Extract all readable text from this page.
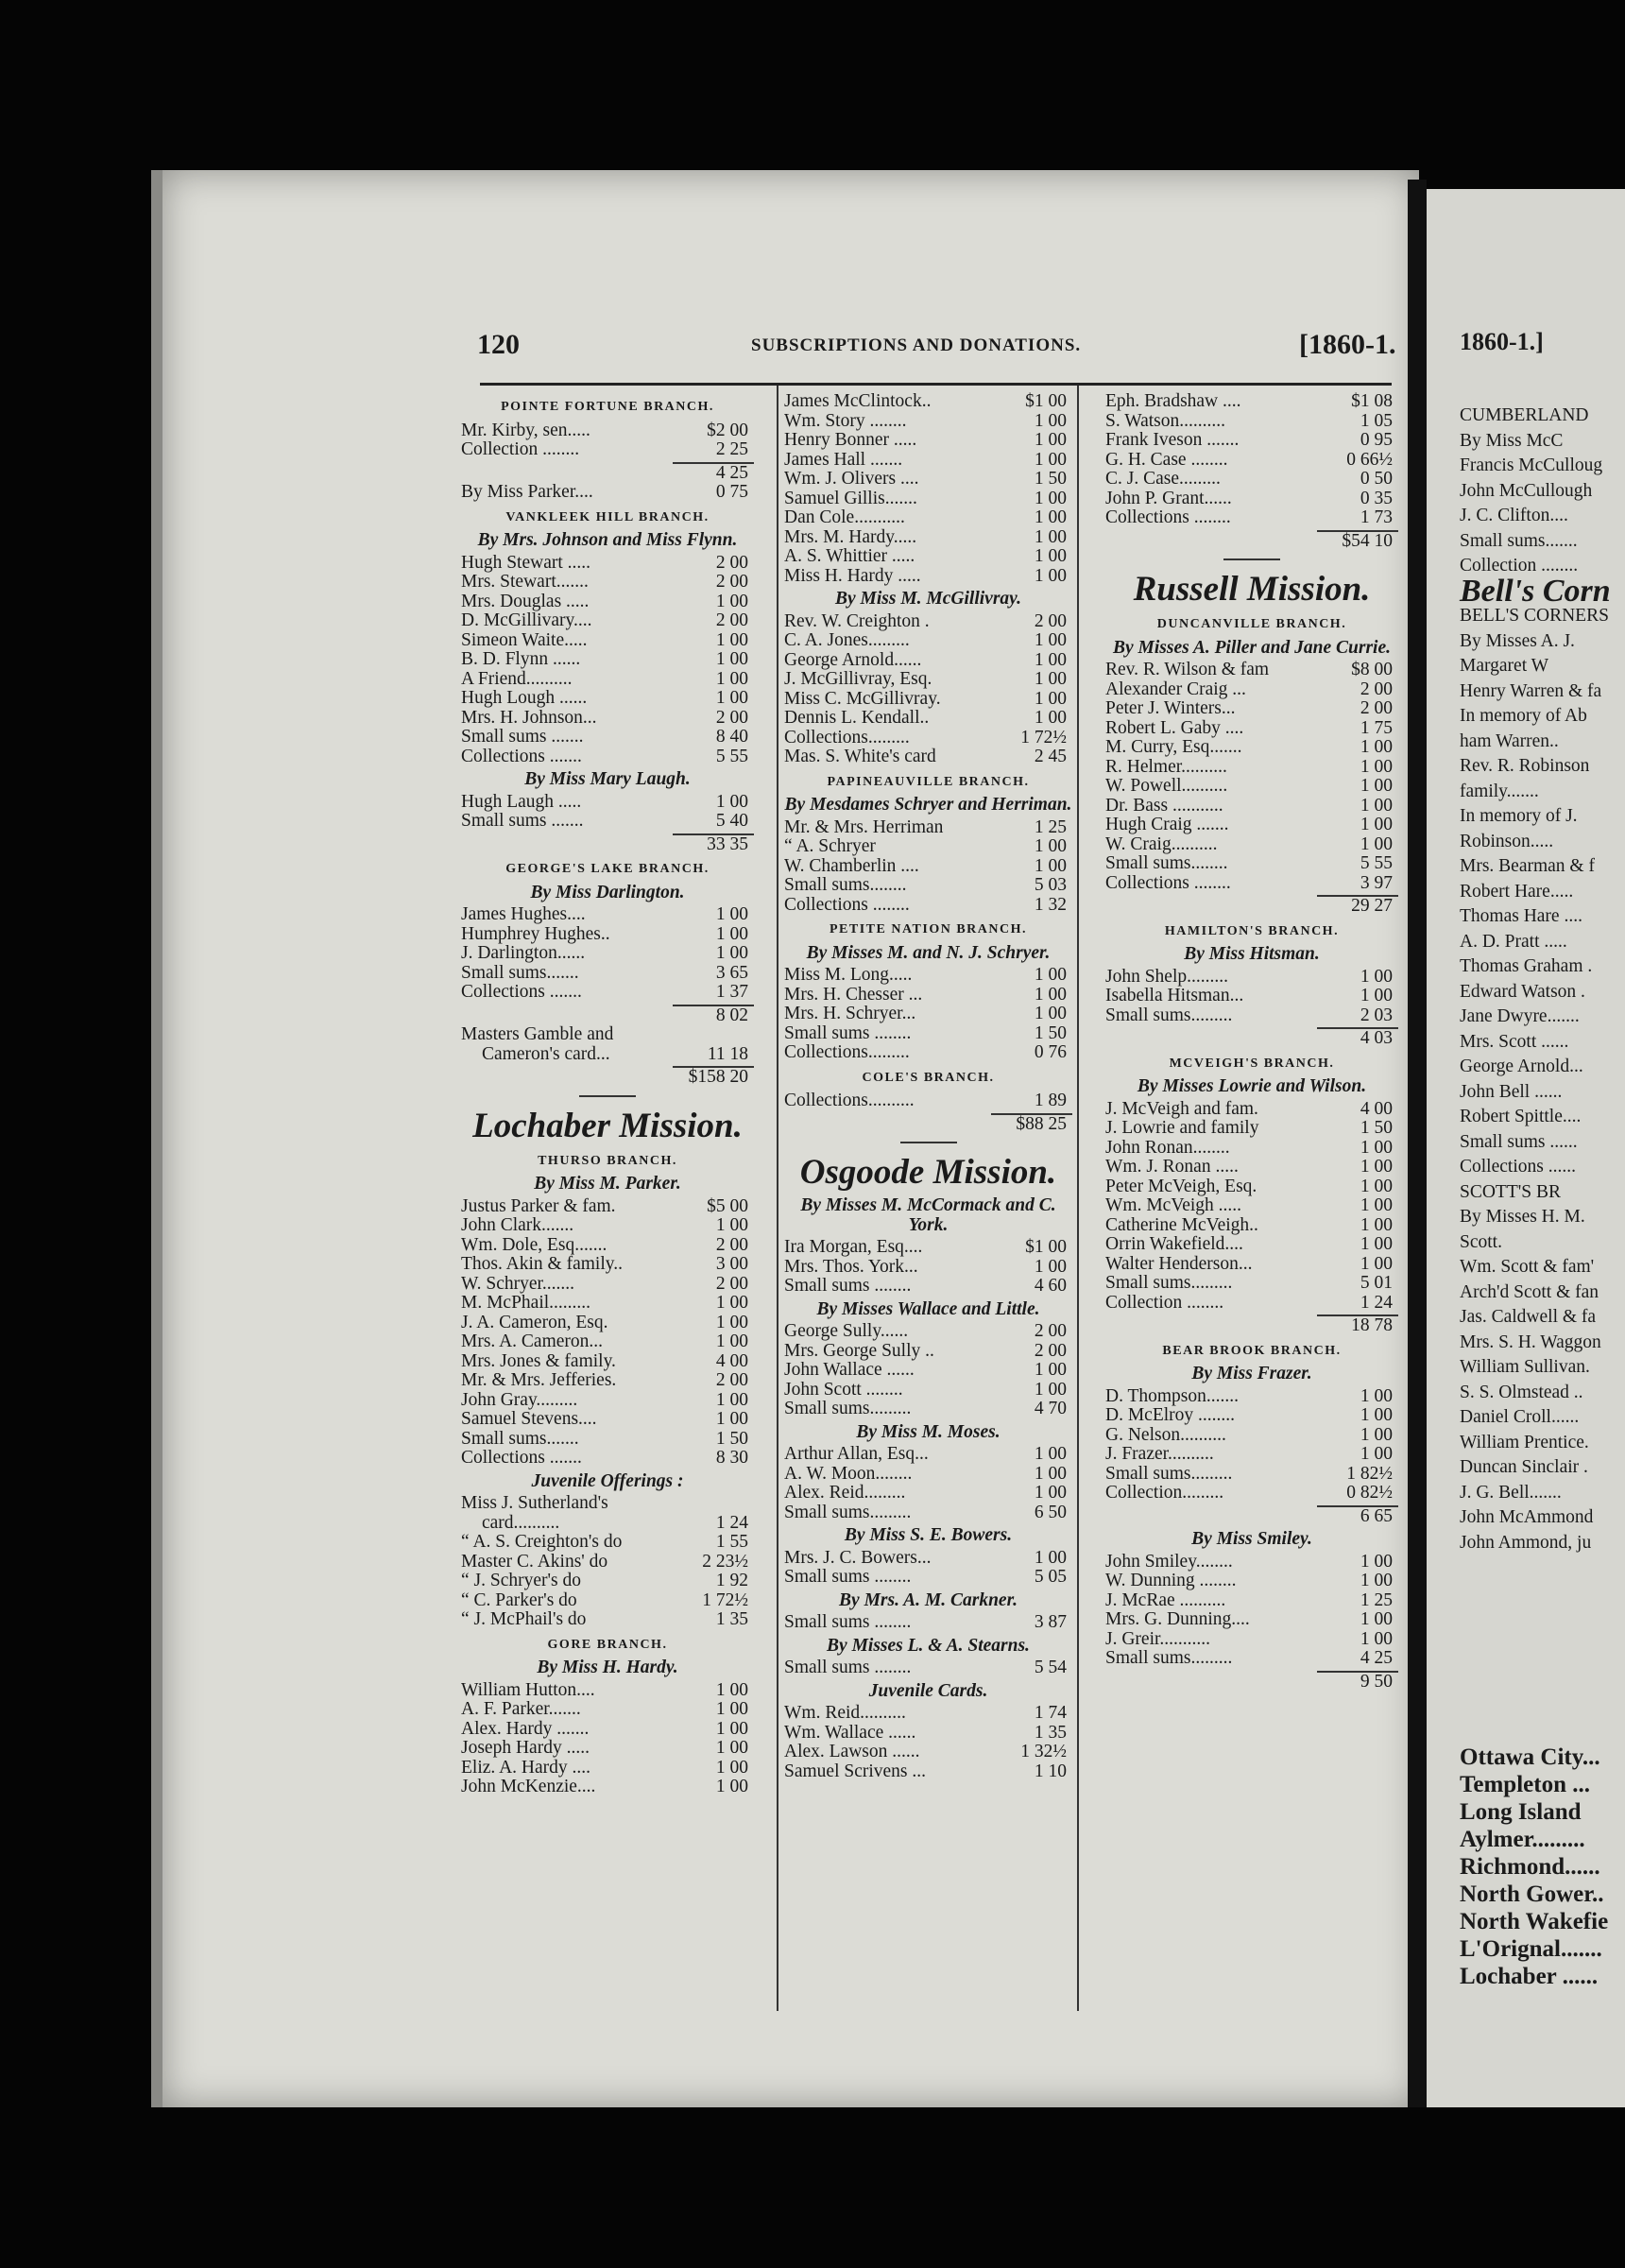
120	SUBSCRIPTIONS AND DONATIONS.	[1860-1.
POINTE FORTUNE BRANCH.
Mr. Kirby, sen.....	$2 00
Collection ........	2 25
4 25
By Miss Parker....	0 75
VANKLEEK HILL BRANCH.
By Mrs. Johnson and Miss Flynn.
Hugh Stewart .....	2 00
Mrs. Stewart.......	2 00
Mrs. Douglas .....	1 00
D. McGillivary....	2 00
Simeon Waite.....	1 00
B. D. Flynn ......	1 00
A Friend..........	1 00
Hugh Lough ......	1 00
Mrs. H. Johnson...	2 00
Small sums .......	8 40
Collections .......	5 55
By Miss Mary Laugh.
Hugh Laugh .....	1 00
Small sums .......	5 40
33 35
GEORGE'S LAKE BRANCH.
By Miss Darlington.
James Hughes....	1 00
Humphrey Hughes..	1 00
J. Darlington......	1 00
Small sums.......	3 65
Collections .......	1 37
8 02
Masters Gamble and
Cameron's card...	11 18
$158 20
Lochaber Mission.
THURSO BRANCH.
By Miss M. Parker.
Justus Parker & fam.	$5 00
John Clark.......	1 00
Wm. Dole, Esq.......	2 00
Thos. Akin & family..	3 00
W. Schryer.......	2 00
M. McPhail.........	1 00
J. A. Cameron, Esq.	1 00
Mrs. A. Cameron...	1 00
Mrs. Jones & family.	4 00
Mr. & Mrs. Jefferies.	2 00
John Gray.........	1 00
Samuel Stevens....	1 00
Small sums.......	1 50
Collections .......	8 30
Juvenile Offerings :
Miss J. Sutherland's
card..........	1 24
“ A. S. Creighton's do	1 55
Master C. Akins' do	2 23½
“ J. Schryer's do	1 92
“ C. Parker's do	1 72½
“ J. McPhail's do	1 35
GORE BRANCH.
By Miss H. Hardy.
William Hutton....	1 00
A. F. Parker.......	1 00
Alex. Hardy .......	1 00
Joseph Hardy .....	1 00
Eliz. A. Hardy ....	1 00
John McKenzie....	1 00
James McClintock..	$1 00
Wm. Story ........	1 00
Henry Bonner .....	1 00
James Hall .......	1 00
Wm. J. Olivers ....	1 50
Samuel Gillis.......	1 00
Dan Cole...........	1 00
Mrs. M. Hardy.....	1 00
A. S. Whittier .....	1 00
Miss H. Hardy .....	1 00
By Miss M. McGillivray.
Rev. W. Creighton .	2 00
C. A. Jones.........	1 00
George Arnold......	1 00
J. McGillivray, Esq.	1 00
Miss C. McGillivray.	1 00
Dennis L. Kendall..	1 00
Collections.........	1 72½
Mas. S. White's card	2 45
PAPINEAUVILLE BRANCH.
By Mesdames Schryer and Herriman.
Mr. & Mrs. Herriman	1 25
“ A. Schryer	1 00
W. Chamberlin ....	1 00
Small sums........	5 03
Collections ........	1 32
PETITE NATION BRANCH.
By Misses M. and N. J. Schryer.
Miss M. Long.....	1 00
Mrs. H. Chesser ...	1 00
Mrs. H. Schryer...	1 00
Small sums ........	1 50
Collections.........	0 76
COLE'S BRANCH.
Collections..........	1 89
$88 25
Osgoode Mission.
By Misses M. McCormack and C. York.
Ira Morgan, Esq....	$1 00
Mrs. Thos. York...	1 00
Small sums ........	4 60
By Misses Wallace and Little.
George Sully......	2 00
Mrs. George Sully ..	2 00
John Wallace ......	1 00
John Scott ........	1 00
Small sums.........	4 70
By Miss M. Moses.
Arthur Allan, Esq...	1 00
A. W. Moon........	1 00
Alex. Reid.........	1 00
Small sums.........	6 50
By Miss S. E. Bowers.
Mrs. J. C. Bowers...	1 00
Small sums ........	5 05
By Mrs. A. M. Carkner.
Small sums ........	3 87
By Misses L. & A. Stearns.
Small sums ........	5 54
Juvenile Cards.
Wm. Reid..........	1 74
Wm. Wallace ......	1 35
Alex. Lawson ......	1 32½
Samuel Scrivens ...	1 10
Eph. Bradshaw ....	$1 08
S. Watson..........	1 05
Frank Iveson .......	0 95
G. H. Case ........	0 66½
C. J. Case.........	0 50
John P. Grant......	0 35
Collections ........	1 73
$54 10
Russell Mission.
DUNCANVILLE BRANCH.
By Misses A. Piller and Jane Currie.
Rev. R. Wilson & fam	$8 00
Alexander Craig ...	2 00
Peter J. Winters...	2 00
Robert L. Gaby ....	1 75
M. Curry, Esq.......	1 00
R. Helmer..........	1 00
W. Powell..........	1 00
Dr. Bass ...........	1 00
Hugh Craig .......	1 00
W. Craig..........	1 00
Small sums........	5 55
Collections ........	3 97
29 27
HAMILTON'S BRANCH.
By Miss Hitsman.
John Shelp.........	1 00
Isabella Hitsman...	1 00
Small sums.........	2 03
4 03
MCVEIGH'S BRANCH.
By Misses Lowrie and Wilson.
J. McVeigh and fam.	4 00
J. Lowrie and family	1 50
John Ronan........	1 00
Wm. J. Ronan .....	1 00
Peter McVeigh, Esq.	1 00
Wm. McVeigh .....	1 00
Catherine McVeigh..	1 00
Orrin Wakefield....	1 00
Walter Henderson...	1 00
Small sums.........	5 01
Collection ........	1 24
18 78
BEAR BROOK BRANCH.
By Miss Frazer.
D. Thompson.......	1 00
D. McElroy ........	1 00
G. Nelson..........	1 00
J. Frazer..........	1 00
Small sums.........	1 82½
Collection.........	0 82½
6 65
By Miss Smiley.
John Smiley........	1 00
W. Dunning ........	1 00
J. McRae ..........	1 25
Mrs. G. Dunning....	1 00
J. Greir...........	1 00
Small sums.........	4 25
9 50
1860-1.]
CUMBERLAND
By Miss McC
Francis McCulloug
John McCullough
J. C. Clifton....
Small sums.......
Collection ........
Bell's Corn
BELL'S CORNERS
By Misses A. J.
Margaret W
Henry Warren & fa
In memory of Ab
ham Warren..
Rev. R. Robinson
family.......
In memory of J.
Robinson.....
Mrs. Bearman & f
Robert Hare.....
Thomas Hare ....
A. D. Pratt .....
Thomas Graham .
Edward Watson .
Jane Dwyre.......
Mrs. Scott ......
George Arnold...
John Bell ......
Robert Spittle....
Small sums ......
Collections ......
SCOTT'S BR
By Misses H. M.
Scott.
Wm. Scott & fam'
Arch'd Scott & fan
Jas. Caldwell & fa
Mrs. S. H. Waggon
William Sullivan.
S. S. Olmstead ..
Daniel Croll......
William Prentice.
Duncan Sinclair .
J. G. Bell.......
John McAmmond
John Ammond, ju
Ottawa City...
Templeton ...
Long Island
Aylmer.........
Richmond......
North Gower..
North Wakefie
L'Orignal.......
Lochaber ......
